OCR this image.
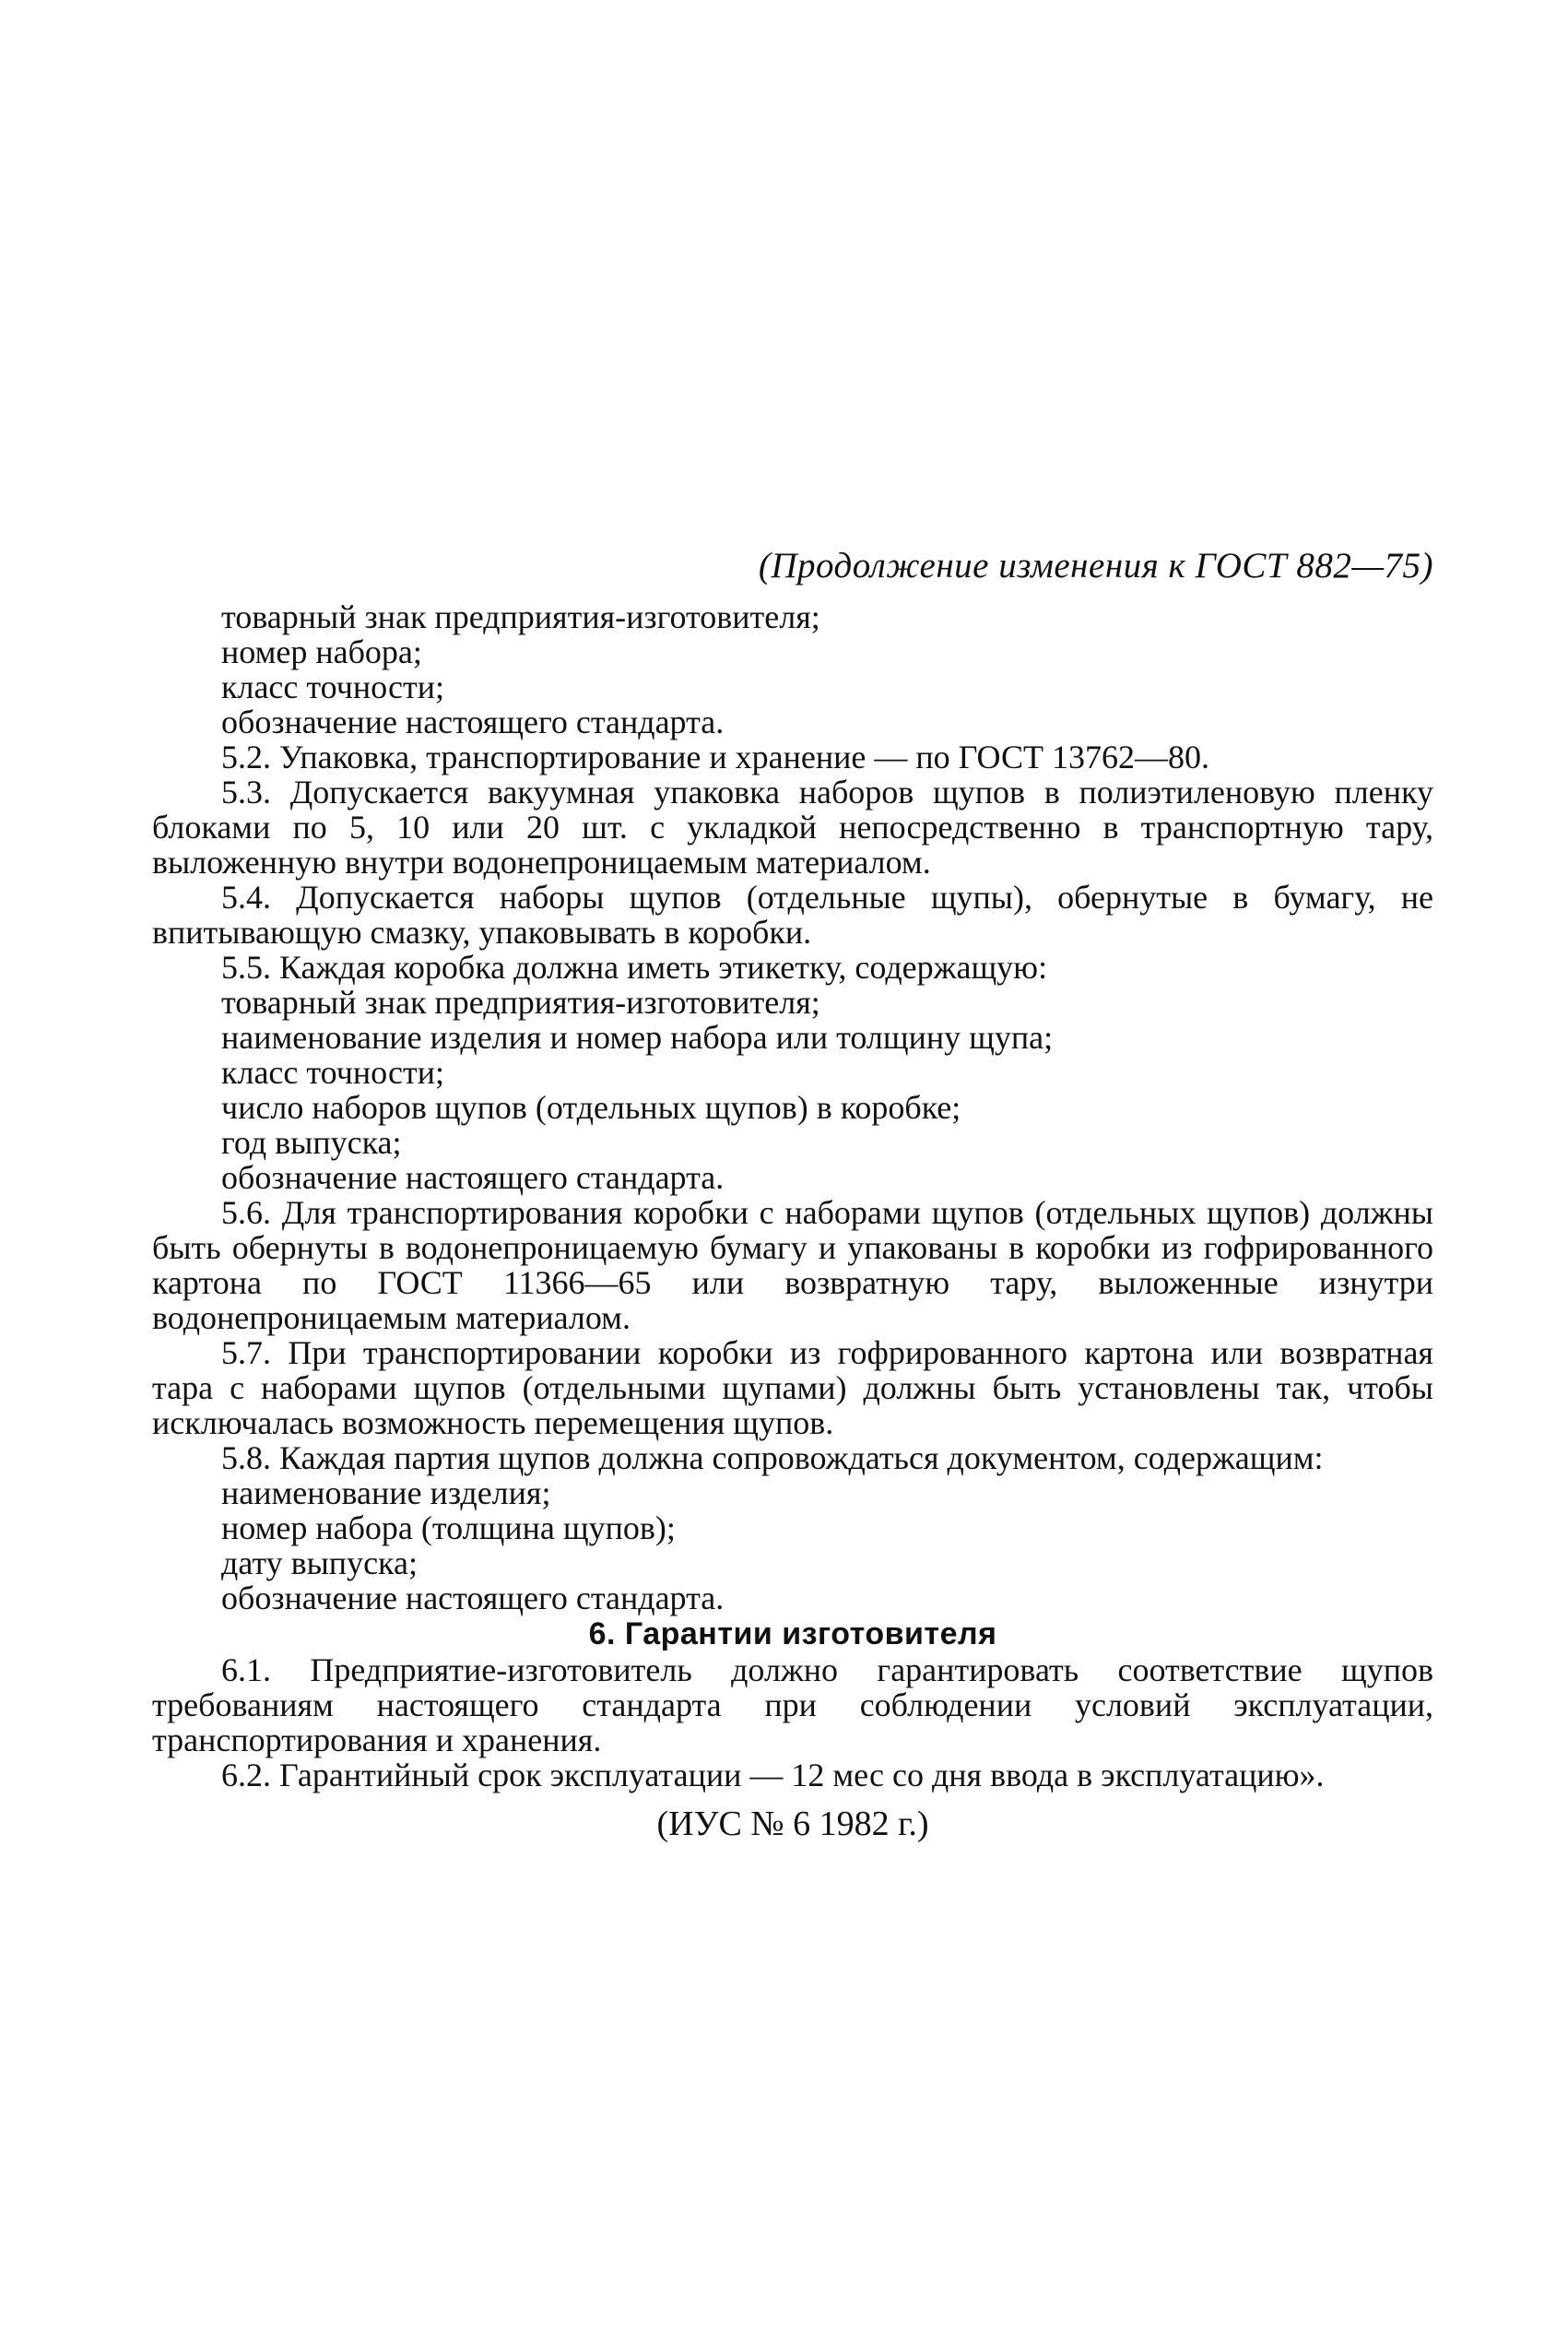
(Продолжение изменения к ГОСТ 882—75)
товарный знак предприятия-изготовителя;
номер набора;
класс точности;
обозначение настоящего стандарта.
5.2. Упаковка, транспортирование и хранение — по ГОСТ 13762—80.
5.3. Допускается вакуумная упаковка наборов щупов в полиэтиленовую пленку блоками по 5, 10 или 20 шт. с укладкой непосредственно в транспортную тару, выложенную внутри водонепроницаемым материалом.
5.4. Допускается наборы щупов (отдельные щупы), обернутые в бумагу, не впитывающую смазку, упаковывать в коробки.
5.5. Каждая коробка должна иметь этикетку, содержащую:
товарный знак предприятия-изготовителя;
наименование изделия и номер набора или толщину щупа;
класс точности;
число наборов щупов (отдельных щупов) в коробке;
год выпуска;
обозначение настоящего стандарта.
5.6. Для транспортирования коробки с наборами щупов (отдельных щупов) должны быть обернуты в водонепроницаемую бумагу и упакованы в коробки из гофрированного картона по ГОСТ 11366—65 или возвратную тару, выложенные изнутри водонепроницаемым материалом.
5.7. При транспортировании коробки из гофрированного картона или возвратная тара с наборами щупов (отдельными щупами) должны быть установлены так, чтобы исключалась возможность перемещения щупов.
5.8. Каждая партия щупов должна сопровождаться документом, содержащим:
наименование изделия;
номер набора (толщина щупов);
дату выпуска;
обозначение настоящего стандарта.
6. Гарантии изготовителя
6.1. Предприятие-изготовитель должно гарантировать соответствие щупов требованиям настоящего стандарта при соблюдении условий эксплуатации, транспортирования и хранения.
6.2. Гарантийный срок эксплуатации — 12 мес со дня ввода в эксплуатацию».
(ИУС № 6 1982 г.)
